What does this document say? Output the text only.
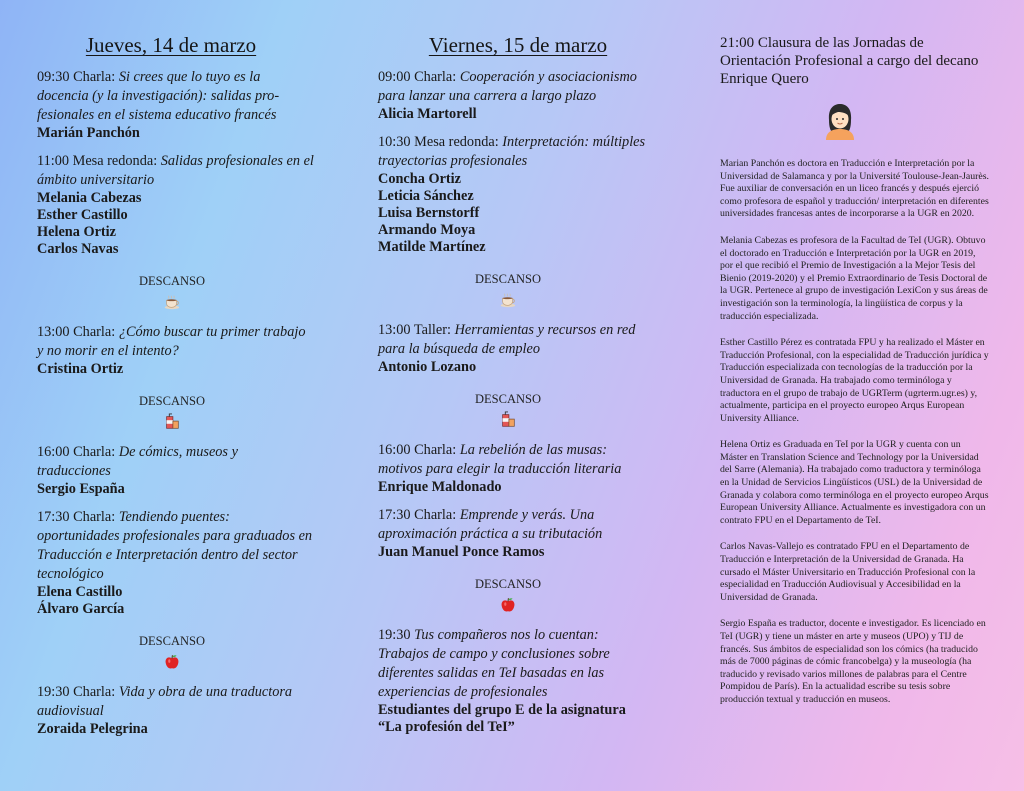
Jueves, 14 de marzo
09:30 Charla: Si crees que lo tuyo es la docencia (y la investigación): salidas profesionales en el sistema educativo francés
Marián Panchón
11:00 Mesa redonda: Salidas profesionales en el ámbito universitario
Melania Cabezas
Esther Castillo
Helena Ortiz
Carlos Navas
DESCANSO
13:00 Charla: ¿Cómo buscar tu primer trabajo y no morir en el intento?
Cristina Ortiz
DESCANSO
16:00 Charla: De cómics, museos y traducciones
Sergio España
17:30 Charla: Tendiendo puentes: oportunidades profesionales para graduados en Traducción e Interpretación dentro del sector tecnológico
Elena Castillo
Álvaro García
DESCANSO
19:30 Charla: Vida y obra de una traductora audiovisual
Zoraida Pelegrina
Viernes, 15 de marzo
09:00 Charla: Cooperación y asociacionismo para lanzar una carrera a largo plazo
Alicia Martorell
10:30 Mesa redonda: Interpretación: múltiples trayectorias profesionales
Concha Ortiz
Leticia Sánchez
Luisa Bernstorff
Armando Moya
Matilde Martínez
DESCANSO
13:00 Taller: Herramientas y recursos en red para la búsqueda de empleo
Antonio Lozano
DESCANSO
16:00 Charla: La rebelión de las musas: motivos para elegir la traducción literaria
Enrique Maldonado
17:30 Charla: Emprende y verás. Una aproximación práctica a su tributación
Juan Manuel Ponce Ramos
DESCANSO
19:30 Tus compañeros nos lo cuentan: Trabajos de campo y conclusiones sobre diferentes salidas en TeI basadas en las experiencias de profesionales
Estudiantes del grupo E de la asignatura “La profesión del TeI”
21:00 Clausura de las Jornadas de Orientación Profesional a cargo del decano Enrique Quero

Marian Panchón es doctora en Traducción e Interpretación por la Universidad de Salamanca y por la Université Toulouse-Jean-Jaurès. Fue auxiliar de conversación en un liceo francés y después ejerció como profesora de español y traducción/ interpretación en diferentes universidades francesas antes de incorporarse a la UGR en 2020.

Melania Cabezas es profesora de la Facultad de TeI (UGR). Obtuvo el doctorado en Traducción e Interpretación por la UGR en 2019, por el que recibió el Premio de Investigación a la Mejor Tesis del Bienio (2019-2020) y el Premio Extraordinario de Tesis Doctoral de la UGR. Pertenece al grupo de investigación LexiCon y sus áreas de investigación son la terminología, la lingüística de corpus y la traducción especializada.

Esther Castillo Pérez es contratada FPU y ha realizado el Máster en Traducción Profesional, con la especialidad de Traducción jurídica y Traducción especializada con tecnologías de la traducción por la Universidad de Granada. Ha trabajado como terminóloga y traductora en el grupo de trabajo de UGRTerm (ugrterm.ugr.es) y, actualmente, participa en el proyecto europeo Arqus European University Alliance.

Helena Ortiz es Graduada en TeI por la UGR y cuenta con un Máster en Translation Science and Technology por la Universidad del Sarre (Alemania). Ha trabajado como traductora y terminóloga en la Unidad de Servicios Lingüísticos (USL) de la Universidad de Granada y colabora como terminóloga en el proyecto europeo Arqus European University Alliance. Actualmente es investigadora con un contrato FPU en el Departamento de TeI.

Carlos Navas-Vallejo es contratado FPU en el Departamento de Traducción e Interpretación de la Universidad de Granada. Ha cursado el Máster Universitario en Traducción Profesional con la especialidad en Traducción Audiovisual y Accesibilidad en la Universidad de Granada.

Sergio España es traductor, docente e investigador. Es licenciado en TeI (UGR) y tiene un máster en arte y museos (UPO) y TIJ de francés. Sus ámbitos de especialidad son los cómics (ha traducido más de 7000 páginas de cómic francobelga) y la museología (ha traducido y revisado varios millones de palabras para el Centre Pompidou de París). En la actualidad escribe su tesis sobre producción textual y traducción en museos.
